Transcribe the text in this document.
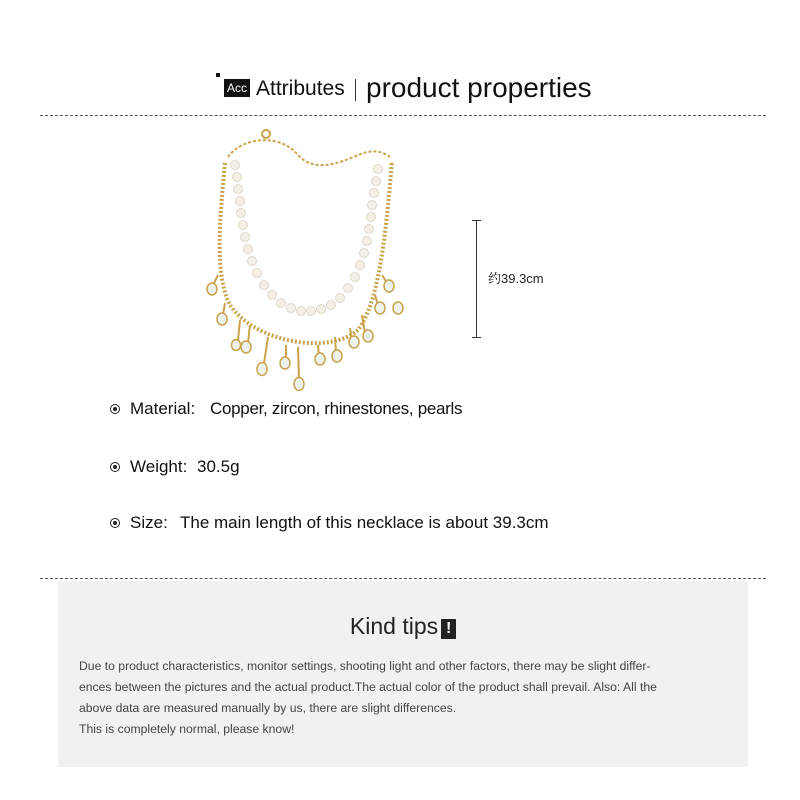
Acc Attributes product properties
约39.3cm
Material: Copper, zircon, rhinestones, pearls
Weight: 30.5g
Size: The main length of this necklace is about 39.3cm
Kind tips !
Due to product characteristics, monitor settings, shooting light and other factors, there may be slight differ-
ences between the pictures and the actual product.The actual color of the product shall prevail. Also: All the
above data are measured manually by us, there are slight differences.
This is completely normal, please know!
